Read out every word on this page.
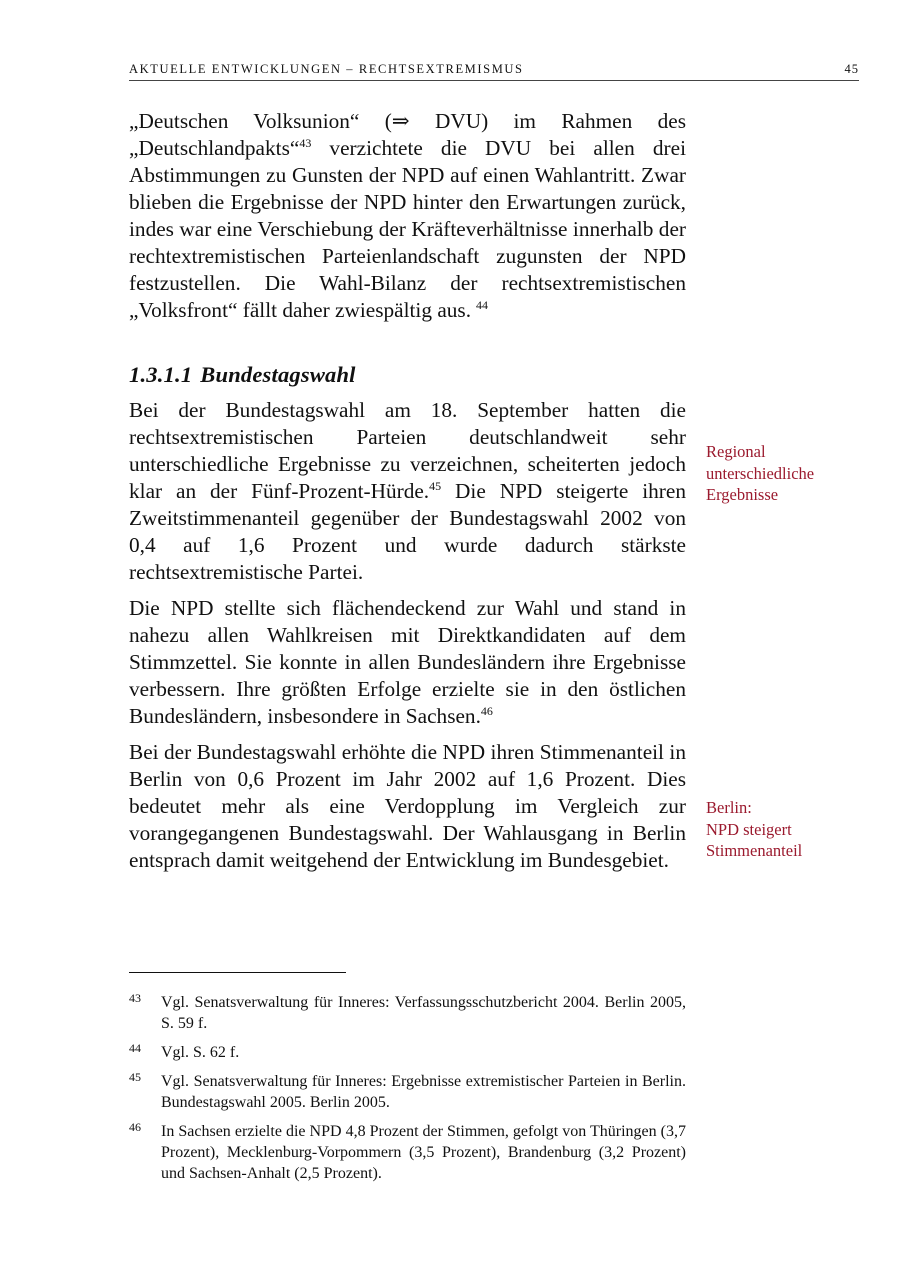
AKTUELLE ENTWICKLUNGEN – RECHTSEXTREMISMUS	45

„Deutschen Volksunion“ (⇒ DVU) im Rahmen des „Deutschlandpakts“$^{43}$ verzichtete die DVU bei allen drei Abstimmungen zu Gunsten der NPD auf einen Wahlantritt. Zwar blieben die Ergebnisse der NPD hinter den Erwartungen zurück, indes war eine Verschiebung der Kräfteverhältnisse innerhalb der rechtextremistischen Parteienlandschaft zugunsten der NPD festzustellen. Die Wahl-Bilanz der rechtsextremistischen „Volksfront“ fällt daher zwiespältig aus. $^{44}$

1.3.1.1 Bundestagswahl

Bei der Bundestagswahl am 18. September hatten die rechtsextremistischen Parteien deutschlandweit sehr unterschiedliche Ergebnisse zu verzeichnen, scheiterten jedoch klar an der Fünf-Prozent-Hürde.$^{45}$ Die NPD steigerte ihren Zweitstimmenanteil gegenüber der Bundestagswahl 2002 von 0,4 auf 1,6 Prozent und wurde dadurch stärkste rechtsextremistische Partei.

Die NPD stellte sich flächendeckend zur Wahl und stand in nahezu allen Wahlkreisen mit Direktkandidaten auf dem Stimmzettel. Sie konnte in allen Bundesländern ihre Ergebnisse verbessern. Ihre größten Erfolge erzielte sie in den östlichen Bundesländern, insbesondere in Sachsen.$^{46}$

Bei der Bundestagswahl erhöhte die NPD ihren Stimmenanteil in Berlin von 0,6 Prozent im Jahr 2002 auf 1,6 Prozent. Dies bedeutet mehr als eine Verdopplung im Vergleich zur vorangegangenen Bundestagswahl. Der Wahlausgang in Berlin entsprach damit weitgehend der Entwicklung im Bundesgebiet.

Regional
unterschiedliche
Ergebnisse
Berlin:
NPD steigert
Stimmenanteil
43 Vgl. Senatsverwaltung für Inneres: Verfassungsschutzbericht 2004. Berlin 2005, S. 59 f.
44 Vgl. S. 62 f.
45 Vgl. Senatsverwaltung für Inneres: Ergebnisse extremistischer Parteien in Berlin. Bundestagswahl 2005. Berlin 2005.
46 In Sachsen erzielte die NPD 4,8 Prozent der Stimmen, gefolgt von Thüringen (3,7 Prozent), Mecklenburg-Vorpommern (3,5 Prozent), Brandenburg (3,2 Prozent) und Sachsen-Anhalt (2,5 Prozent).
